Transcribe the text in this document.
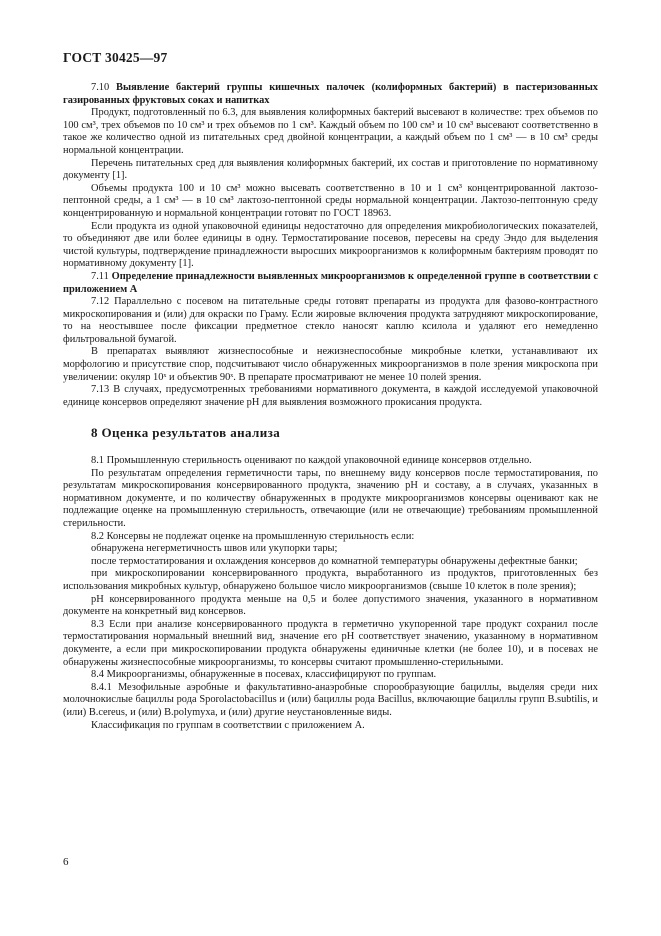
ГОСТ 30425—97

7.10 Выявление бактерий группы кишечных палочек (колиформных бактерий) в пастеризованных газированных фруктовых соках и напитках

Продукт, подготовленный по 6.3, для выявления колиформных бактерий высевают в количестве: трех объемов по 100 см³, трех объемов по 10 см³ и трех объемов по 1 см³. Каждый объем по 100 см³ и 10 см³ высевают соответственно в такое же количество одной из питательных сред двойной концентрации, а каждый объем по 1 см³ — в 10 см³ среды нормальной концентрации.

Перечень питательных сред для выявления колиформных бактерий, их состав и приготовление по нормативному документу [1].

Объемы продукта 100 и 10 см³ можно высевать соответственно в 10 и 1 см³ концентрированной лактозо-пептонной среды, а 1 см³ — в 10 см³ лактозо-пептонной среды нормальной концентрации. Лактозо-пептонную среду концентрированную и нормальной концентрации готовят по ГОСТ 18963.

Если продукта из одной упаковочной единицы недостаточно для определения микробиологических показателей, то объединяют две или более единицы в одну. Термостатирование посевов, пересевы на среду Эндо для выделения чистой культуры, подтверждение принадлежности выросших микроорганизмов к колиформным бактериям проводят по нормативному документу [1].

7.11 Определение принадлежности выявленных микроорганизмов к определенной группе в соответствии с приложением А

7.12 Параллельно с посевом на питательные среды готовят препараты из продукта для фазово-контрастного микроскопирования и (или) для окраски по Граму. Если жировые включения продукта затрудняют микроскопирование, то на неостывшее после фиксации предметное стекло наносят каплю ксилола и удаляют его немедленно фильтровальной бумагой.

В препаратах выявляют жизнеспособные и нежизнеспособные микробные клетки, устанавливают их морфологию и присутствие спор, подсчитывают число обнаруженных микроорганизмов в поле зрения микроскопа при увеличении: окуляр 10ˣ и объектив 90ˣ. В препарате просматривают не менее 10 полей зрения.

7.13 В случаях, предусмотренных требованиями нормативного документа, в каждой исследуемой упаковочной единице консервов определяют значение рН для выявления возможного прокисания продукта.

8 Оценка результатов анализа

8.1 Промышленную стерильность оценивают по каждой упаковочной единице консервов отдельно.

По результатам определения герметичности тары, по внешнему виду консервов после термостатирования, по результатам микроскопирования консервированного продукта, значению рН и составу, а в случаях, указанных в нормативном документе, и по количеству обнаруженных в продукте микроорганизмов консервы оценивают как не подлежащие оценке на промышленную стерильность, отвечающие (или не отвечающие) требованиям промышленной стерильности.

8.2 Консервы не подлежат оценке на промышленную стерильность если:

обнаружена негерметичность швов или укупорки тары;

после термостатирования и охлаждения консервов до комнатной температуры обнаружены дефектные банки;

при микроскопировании консервированного продукта, выработанного из продуктов, приготовленных без использования микробных культур, обнаружено большое число микроорганизмов (свыше 10 клеток в поле зрения);

рН консервированного продукта меньше на 0,5 и более допустимого значения, указанного в нормативном документе на конкретный вид консервов.

8.3 Если при анализе консервированного продукта в герметично укупоренной таре продукт сохранил после термостатирования нормальный внешний вид, значение его рН соответствует значению, указанному в нормативном документе, а если при микроскопировании продукта обнаружены единичные клетки (не более 10), и в посевах не обнаружены жизнеспособные микроорганизмы, то консервы считают промышленно-стерильными.

8.4 Микроорганизмы, обнаруженные в посевах, классифицируют по группам.

8.4.1 Мезофильные аэробные и факультативно-анаэробные спорообразующие бациллы, выделяя среди них молочнокислые бациллы рода Sporolactobacillus и (или) бациллы рода Bacillus, включающие бациллы групп B.subtilis, и (или) B.cereus, и (или) B.polymyxa, и (или) другие неустановленные виды.

Классификация по группам в соответствии с приложением А.

6
